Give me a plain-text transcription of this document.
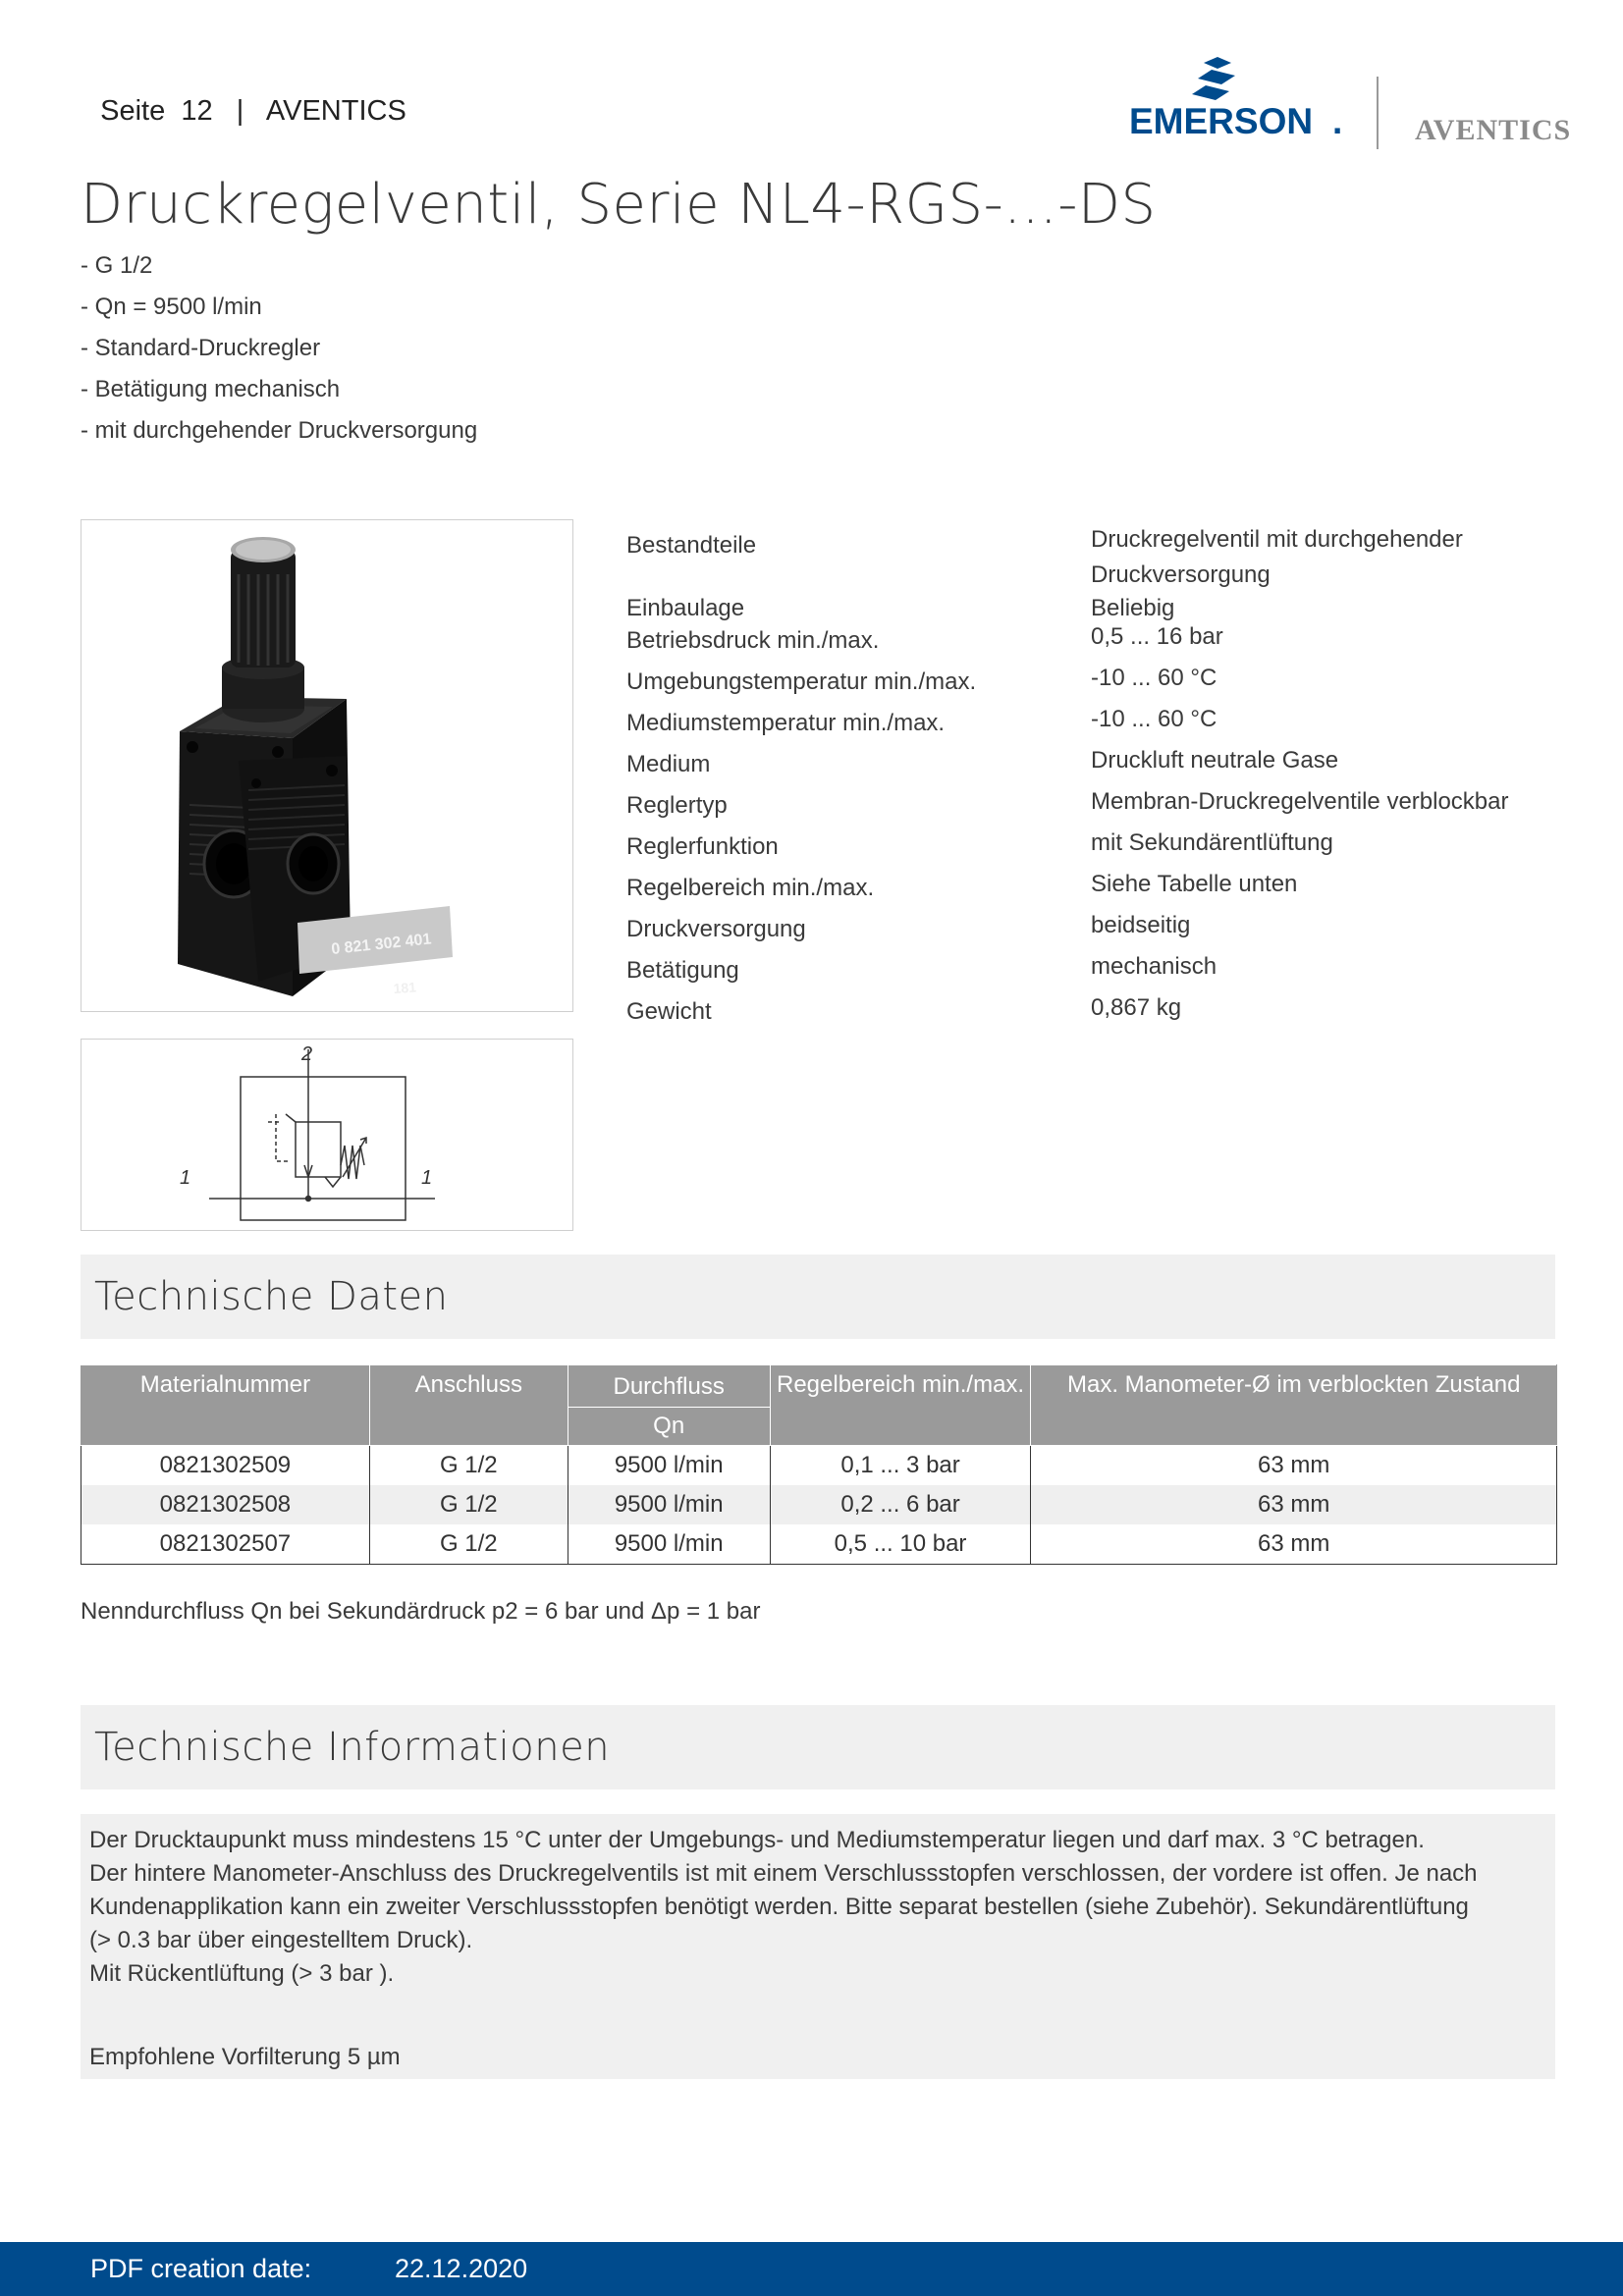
Seite 12 | AVENTICS	EMERSON . AVENTICS
Druckregelventil, Serie NL4-RGS-...-DS
- G 1/2
- Qn = 9500 l/min
- Standard-Druckregler
- Betätigung mechanisch
- mit durchgehender Druckversorgung
0 821 302 401
181
2
1	1
Bestandteile	Druckregelventil mit durchgehender
Druckversorgung
Einbaulage	Beliebig
Betriebsdruck min./max.	0,5 ... 16 bar
Umgebungstemperatur min./max.	-10 ... 60 °C
Mediumstemperatur min./max.	-10 ... 60 °C
Medium	Druckluft neutrale Gase
Reglertyp	Membran-Druckregelventile verblockbar
Reglerfunktion	mit Sekundärentlüftung
Regelbereich min./max.	Siehe Tabelle unten
Druckversorgung	beidseitig
Betätigung	mechanisch
Gewicht	0,867 kg
Technische Daten
Materialnummer	Anschluss	Durchfluss	Regelbereich min./max.	Max. Manometer-Ø im verblockten Zustand
		Qn		
0821302509	G 1/2	9500 l/min	0,1 ... 3 bar	63 mm
0821302508	G 1/2	9500 l/min	0,2 ... 6 bar	63 mm
0821302507	G 1/2	9500 l/min	0,5 ... 10 bar	63 mm
Nenndurchfluss Qn bei Sekundärdruck p2 = 6 bar und Δp = 1 bar
Technische Informationen

Der Drucktaupunkt muss mindestens 15 °C unter der Umgebungs- und Mediumstemperatur liegen und darf max. 3 °C betragen.

Der hintere Manometer-Anschluss des Druckregelventils ist mit einem Verschlussstopfen verschlossen, der vordere ist offen. Je nach

Kundenapplikation kann ein zweiter Verschlussstopfen benötigt werden. Bitte separat bestellen (siehe Zubehör). Sekundärentlüftung

(> 0.3 bar über eingestelltem Druck).

Mit Rückentlüftung (> 3 bar ).

Empfohlene Vorfilterung 5 µm

PDF creation date:	22.12.2020
